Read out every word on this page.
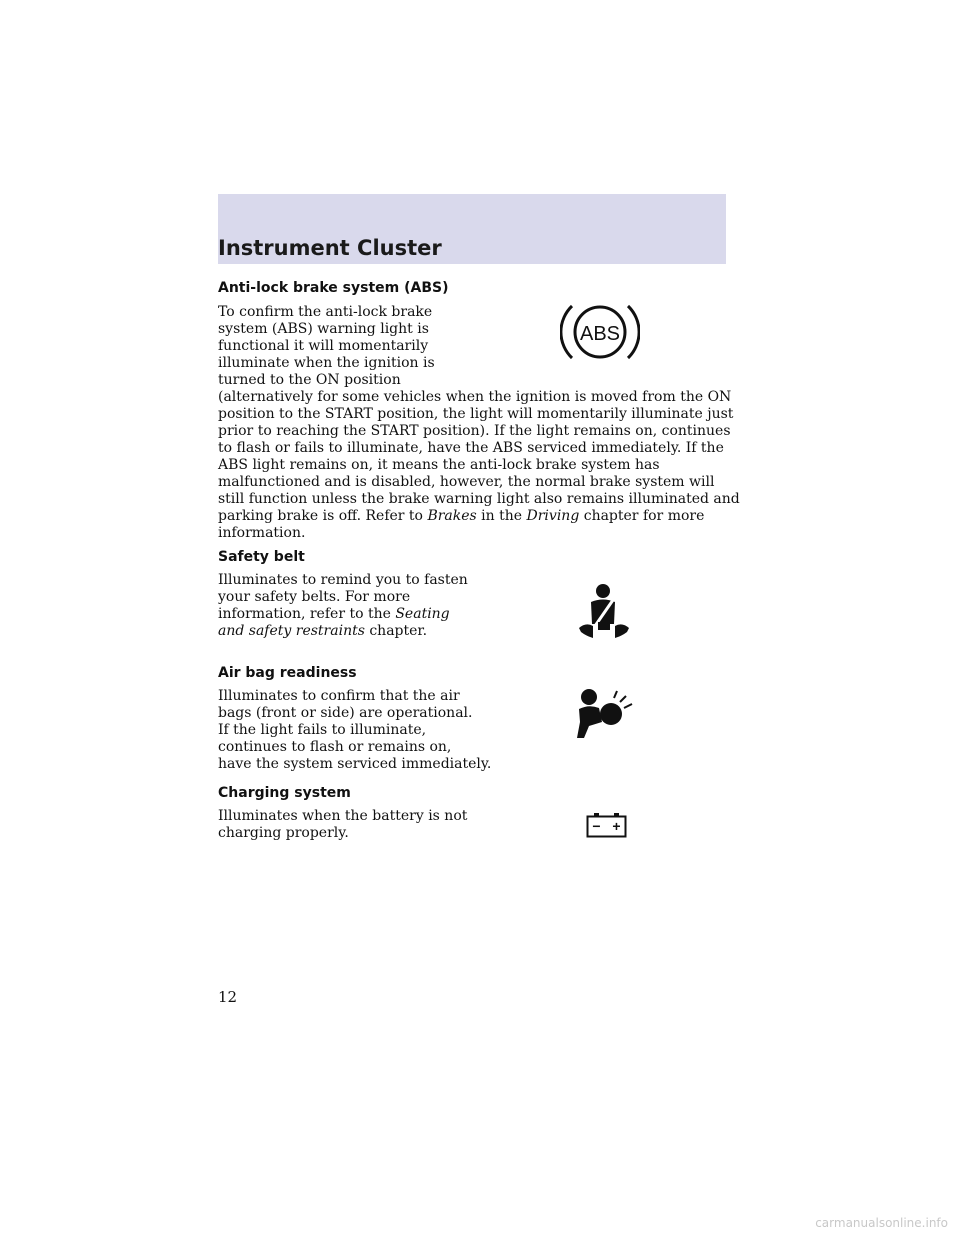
Instrument Cluster
Anti-lock brake system (ABS)
To confirm the anti-lock brake
system (ABS) warning light is
functional it will momentarily
illuminate when the ignition is
turned to the ON position
(alternatively for some vehicles when the ignition is moved from the ON
position to the START position, the light will momentarily illuminate just
prior to reaching the START position). If the light remains on, continues
to flash or fails to illuminate, have the ABS serviced immediately. If the
ABS light remains on, it means the anti-lock brake system has
malfunctioned and is disabled, however, the normal brake system will
still function unless the brake warning light also remains illuminated and
parking brake is off. Refer to Brakes in the Driving chapter for more
information.
ABS
Safety belt
Illuminates to remind you to fasten
your safety belts. For more
information, refer to the Seating
and safety restraints chapter.
Air bag readiness
Illuminates to confirm that the air
bags (front or side) are operational.
If the light fails to illuminate,
continues to flash or remains on,
have the system serviced immediately.
Charging system
Illuminates when the battery is not
charging properly.	− +
12
carmanualsonline.info
